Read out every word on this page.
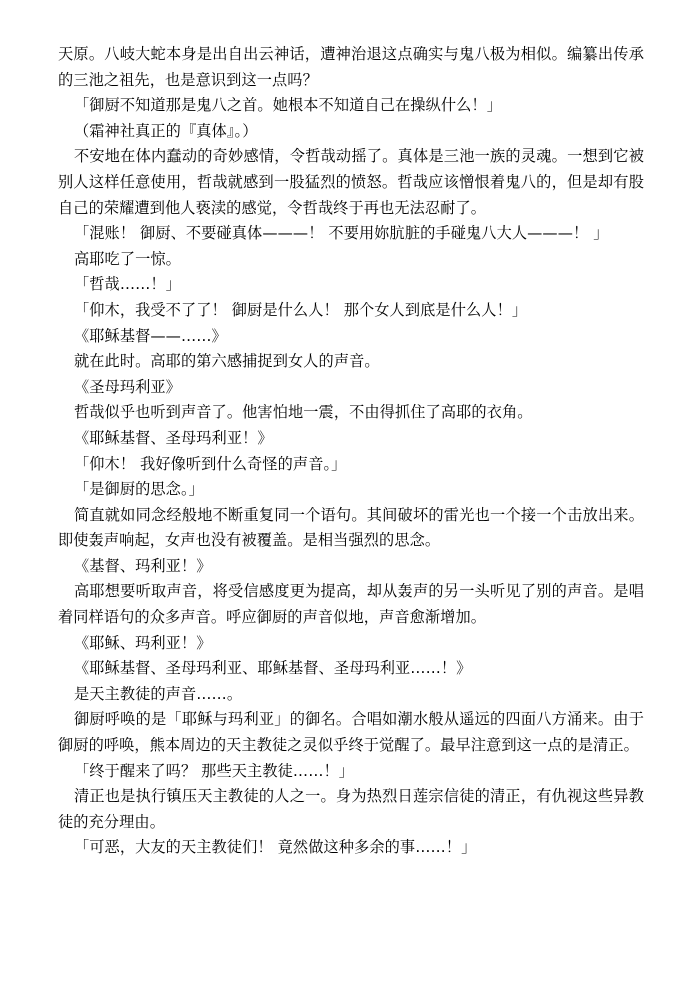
天原。八岐大蛇本身是出自出云神话，遭神治退这点确实与鬼八极为相似。编纂出传承的三池之祖先，也是意识到这一点吗？

「御厨不知道那是鬼八之首。她根本不知道自己在操纵什么！」

（霜神社真正的『真体』。）

不安地在体内蠢动的奇妙感情，令哲哉动摇了。真体是三池一族的灵魂。一想到它被别人这样任意使用，哲哉就感到一股猛烈的愤怒。哲哉应该憎恨着鬼八的，但是却有股自己的荣耀遭到他人亵渎的感觉，令哲哉终于再也无法忍耐了。

「混账！ 御厨、不要碰真体———！ 不要用妳肮脏的手碰鬼八大人———！ 」

高耶吃了一惊。

「哲哉……！」

「仰木，我受不了了！ 御厨是什么人！ 那个女人到底是什么人！」

《耶稣基督——……》

就在此时。高耶的第六感捕捉到女人的声音。

《圣母玛利亚》

哲哉似乎也听到声音了。他害怕地一震，不由得抓住了高耶的衣角。

《耶稣基督、圣母玛利亚！》

「仰木！ 我好像听到什么奇怪的声音。」

「是御厨的思念。」

简直就如同念经般地不断重复同一个语句。其间破坏的雷光也一个接一个击放出来。即使轰声响起，女声也没有被覆盖。是相当强烈的思念。

《基督、玛利亚！》

高耶想要听取声音，将受信感度更为提高，却从轰声的另一头听见了别的声音。是唱着同样语句的众多声音。呼应御厨的声音似地，声音愈渐增加。

《耶稣、玛利亚！》

《耶稣基督、圣母玛利亚、耶稣基督、圣母玛利亚……！》

是天主教徒的声音……。

御厨呼唤的是「耶稣与玛利亚」的御名。合唱如潮水般从遥远的四面八方涌来。由于御厨的呼唤，熊本周边的天主教徒之灵似乎终于觉醒了。最早注意到这一点的是清正。

「终于醒来了吗？ 那些天主教徒……！」

清正也是执行镇压天主教徒的人之一。身为热烈日莲宗信徒的清正，有仇视这些异教徒的充分理由。

「可恶，大友的天主教徒们！ 竟然做这种多余的事……！」
